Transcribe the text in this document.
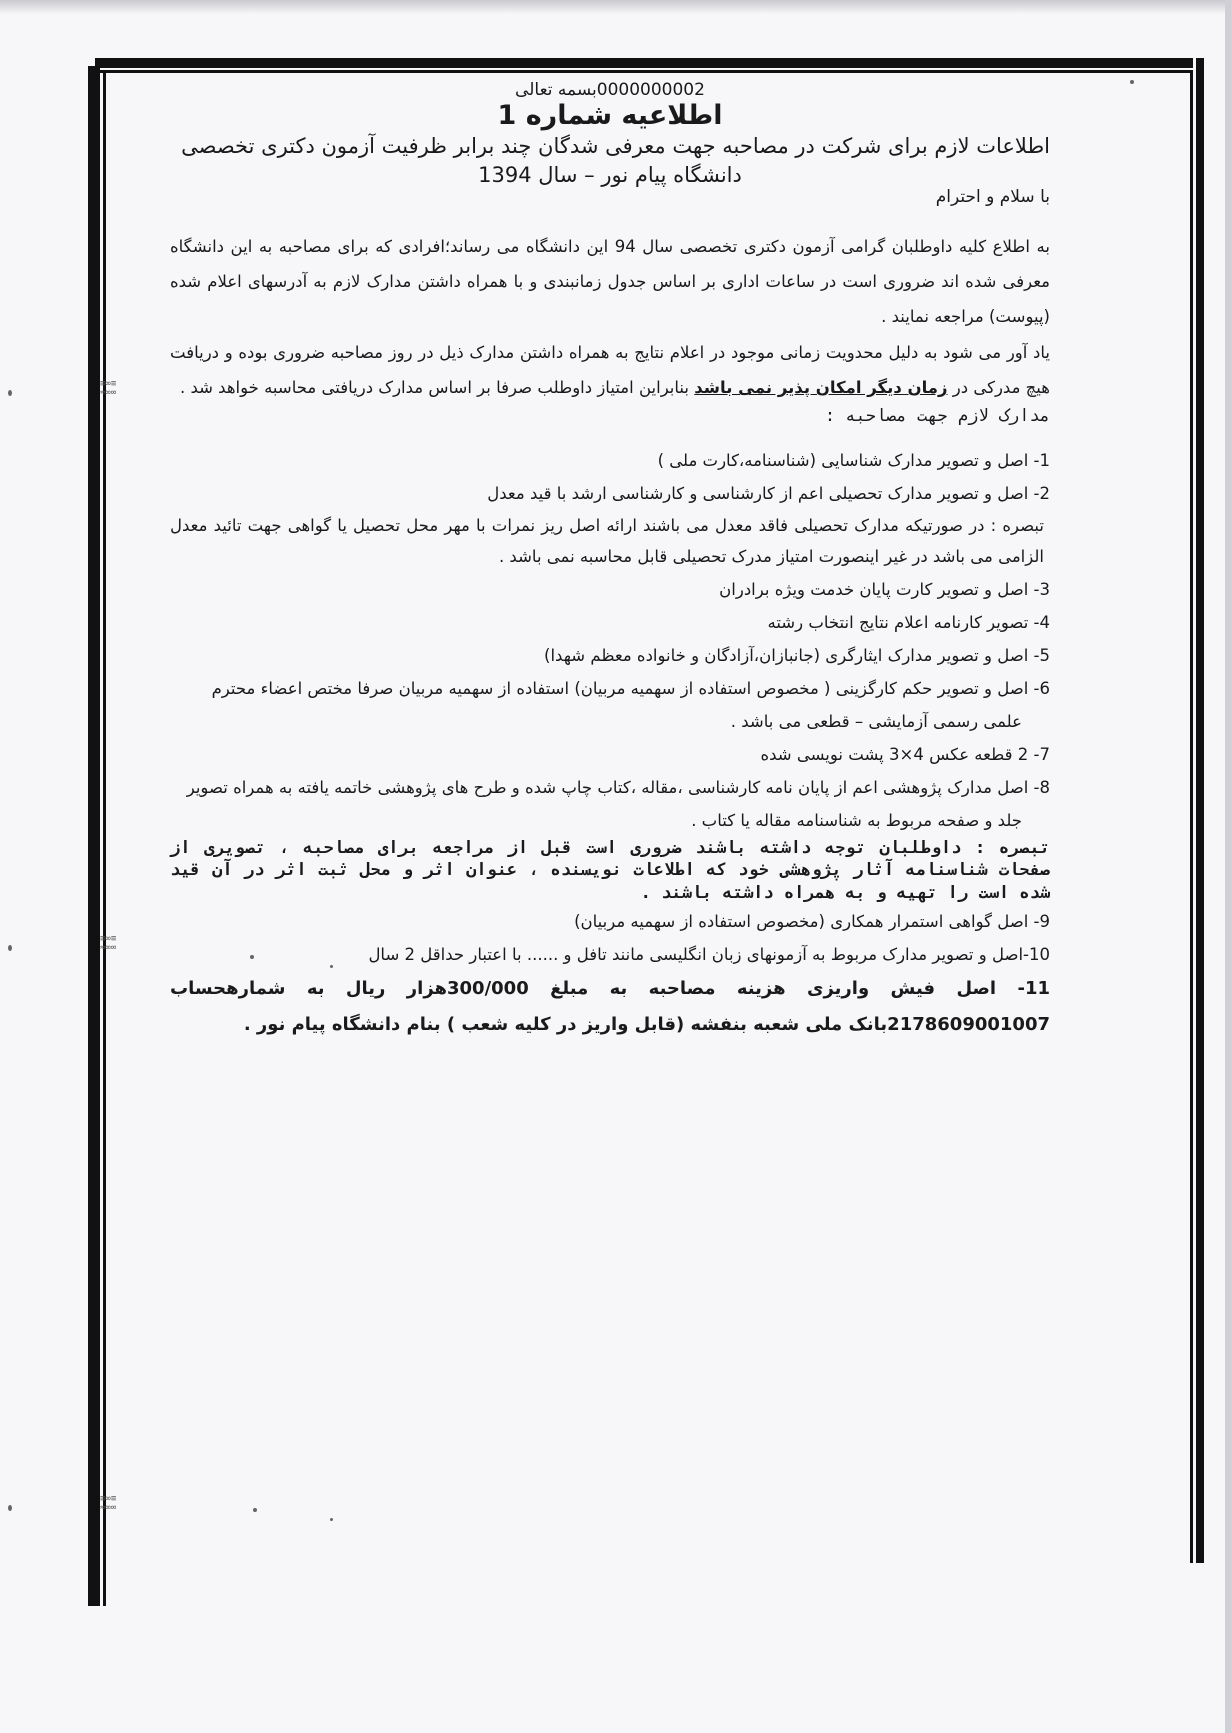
≡∞≡
≈∞∞
≡∞≡
≈∞∞
≡∞≡
≈∞∞

0000000002بسمه تعالی

اطلاعیه شماره 1

اطلاعات لازم برای شرکت در مصاحبه جهت معرفی شدگان چند برابر ظرفیت آزمون دکتری تخصصی

دانشگاه پیام نور – سال 1394

با سلام و احترام

به اطلاع کلیه داوطلبان گرامی آزمون دکتری تخصصی سال 94 این دانشگاه می رساند؛افرادی که برای مصاحبه به این دانشگاه معرفی شده اند ضروری است در ساعات اداری بر اساس جدول زمانبندی و با همراه داشتن مدارک لازم به آدرسهای اعلام شده (پیوست) مراجعه نمایند .

یاد آور می شود به دلیل محدویت زمانی موجود در اعلام نتایج به همراه داشتن مدارک ذیل در روز مصاحبه ضروری بوده و دریافت هیچ مدرکی در زمان دیگر امکان پذیر نمی باشد بنابراین امتیاز داوطلب صرفا بر اساس مدارک دریافتی محاسبه خواهد شد .

مدارک لازم جهت مصاحبه :

1- اصل و تصویر مدارک شناسایی (شناسنامه،کارت ملی )

2- اصل و تصویر مدارک تحصیلی اعم از کارشناسی و کارشناسی ارشد با قید معدل

تبصره : در صورتیکه مدارک تحصیلی فاقد معدل می باشند ارائه اصل ریز نمرات با مهر محل تحصیل یا گواهی جهت تائید معدل الزامی می باشد در غیر اینصورت امتیاز مدرک تحصیلی قابل محاسبه نمی باشد .

3- اصل و تصویر کارت پایان خدمت ویژه برادران

4- تصویر کارنامه اعلام نتایج انتخاب رشته

5- اصل و تصویر مدارک ایثارگری (جانبازان،آزادگان و خانواده معظم شهدا)

6- اصل و تصویر حکم کارگزینی ( مخصوص استفاده از سهمیه مربیان) استفاده از سهمیه مربیان صرفا مختص اعضاء محترم علمی رسمی آزمایشی – قطعی می باشد .

7- 2 قطعه عکس 4×3 پشت نویسی شده

8- اصل مدارک پژوهشی اعم از پایان نامه کارشناسی ،مقاله ،کتاب چاپ شده و طرح های پژوهشی خاتمه یافته به همراه تصویر جلد و صفحه مربوط به شناسنامه مقاله یا کتاب .

تبصره : داوطلبان توجه داشته باشند ضروری است قبل از مراجعه برای مصاحبه ، تصویری از صفحات شناسنامه آثار پژوهشی خود که اطلاعات نویسنده ، عنوان اثر و محل ثبت اثر در آن قید شده است را تهیه و به همراه داشته باشند .

9- اصل گواهی استمرار همکاری (مخصوص استفاده از سهمیه مربیان)

10-اصل و تصویر مدارک مربوط به آزمونهای زبان انگلیسی مانند تافل و ...... با اعتبار حداقل 2 سال

11- اصل فیش واریزی هزینه مصاحبه به مبلغ 300/000هزار ریال به شمارهحساب 2178609001007بانک ملی شعبه بنفشه (قابل واریز در کلیه شعب ) بنام دانشگاه پیام نور .
